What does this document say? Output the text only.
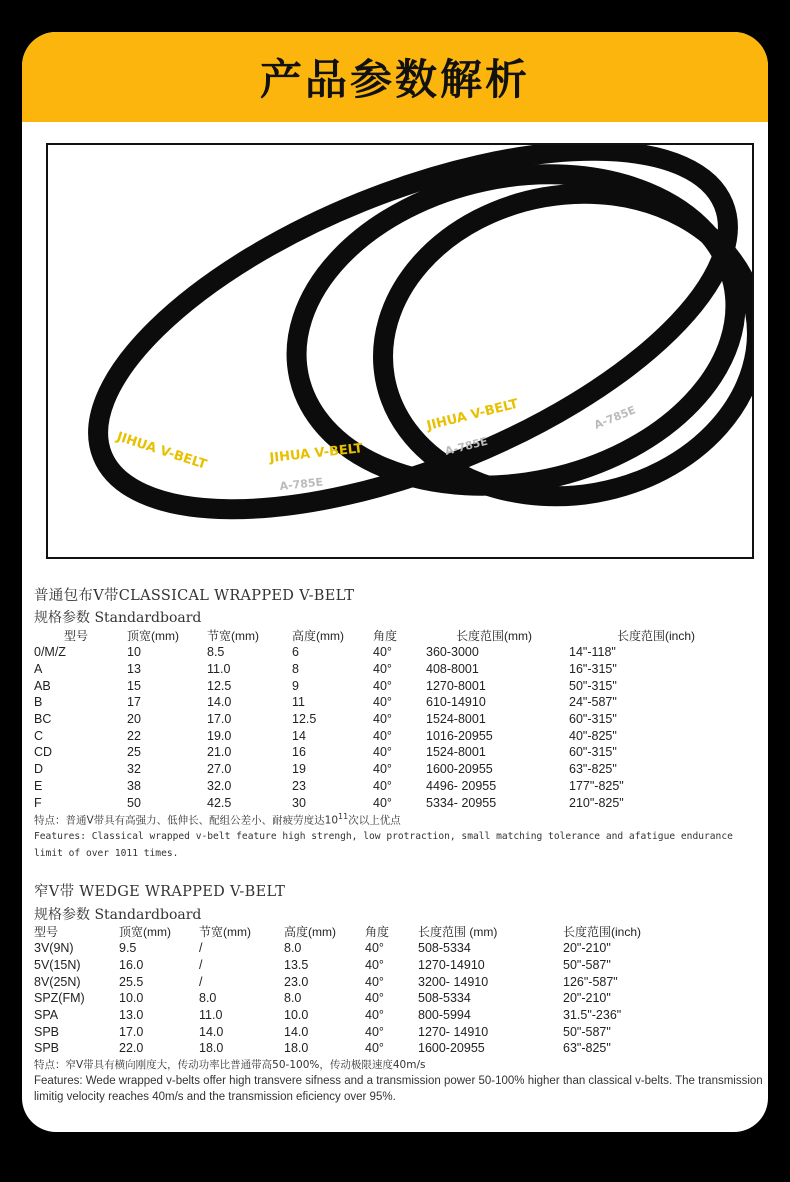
产品参数解析
JIHUA V-BELT	JIHUA V-BELT
JIHUA V-BELT
A-785E
A-785E
A-785E
普通包布V带CLASSICAL WRAPPED V-BELT
规格参数 Standardboard
型号	顶宽(mm)	节宽(mm)	高度(mm)	角度	长度范围(mm)	长度范围(inch)
0/M/Z	10	8.5	6	40°	360-3000	14"-118"
A	13	11.0	8	40°	408-8001	16"-315"
AB	15	12.5	9	40°	1270-8001	50"-315"
B	17	14.0	11	40°	610-14910	24"-587"
BC	20	17.0	12.5	40°	1524-8001	60"-315"
C	22	19.0	14	40°	1016-20955	40"-825"
CD	25	21.0	16	40°	1524-8001	60"-315"
D	32	27.0	19	40°	1600-20955	63"-825"
E	38	32.0	23	40°	4496- 20955	177"-825"
F	50	42.5	30	40°	5334- 20955	210"-825"
特点：普通V带具有高强力、低伸长、配组公差小、耐疲劳度达$10^{11}$次以上优点
Features: Classical wrapped v-belt feature high strengh, low protraction, small matching tolerance and afatigue endurance limit of over 1011 times.
窄V带 WEDGE WRAPPED V-BELT
规格参数 Standardboard
型号	顶宽(mm)	节宽(mm)	高度(mm)	角度	长度范围 (mm)	长度范围(inch)
3V(9N)	9.5	/	8.0	40°	508-5334	20"-210"
5V(15N)	16.0	/	13.5	40°	1270-14910	50"-587"
8V(25N)	25.5	/	23.0	40°	3200- 14910	126"-587"
SPZ(FM)	10.0	8.0	8.0	40°	508-5334	20"-210"
SPA	13.0	11.0	10.0	40°	800-5994	31.5"-236"
SPB	17.0	14.0	14.0	40°	1270- 14910	50"-587"
SPB	22.0	18.0	18.0	40°	1600-20955	63"-825"
特点：窄V带具有横向刚度大，传动功率比普通带高50-100%，传动极限速度40m/s
Features: Wede wrapped v-belts offer high transvere sifness and a transmission power 50-100% higher than classical v-belts. The transmission limitig velocity reaches 40m/s and the transmission eficiency over 95%.
